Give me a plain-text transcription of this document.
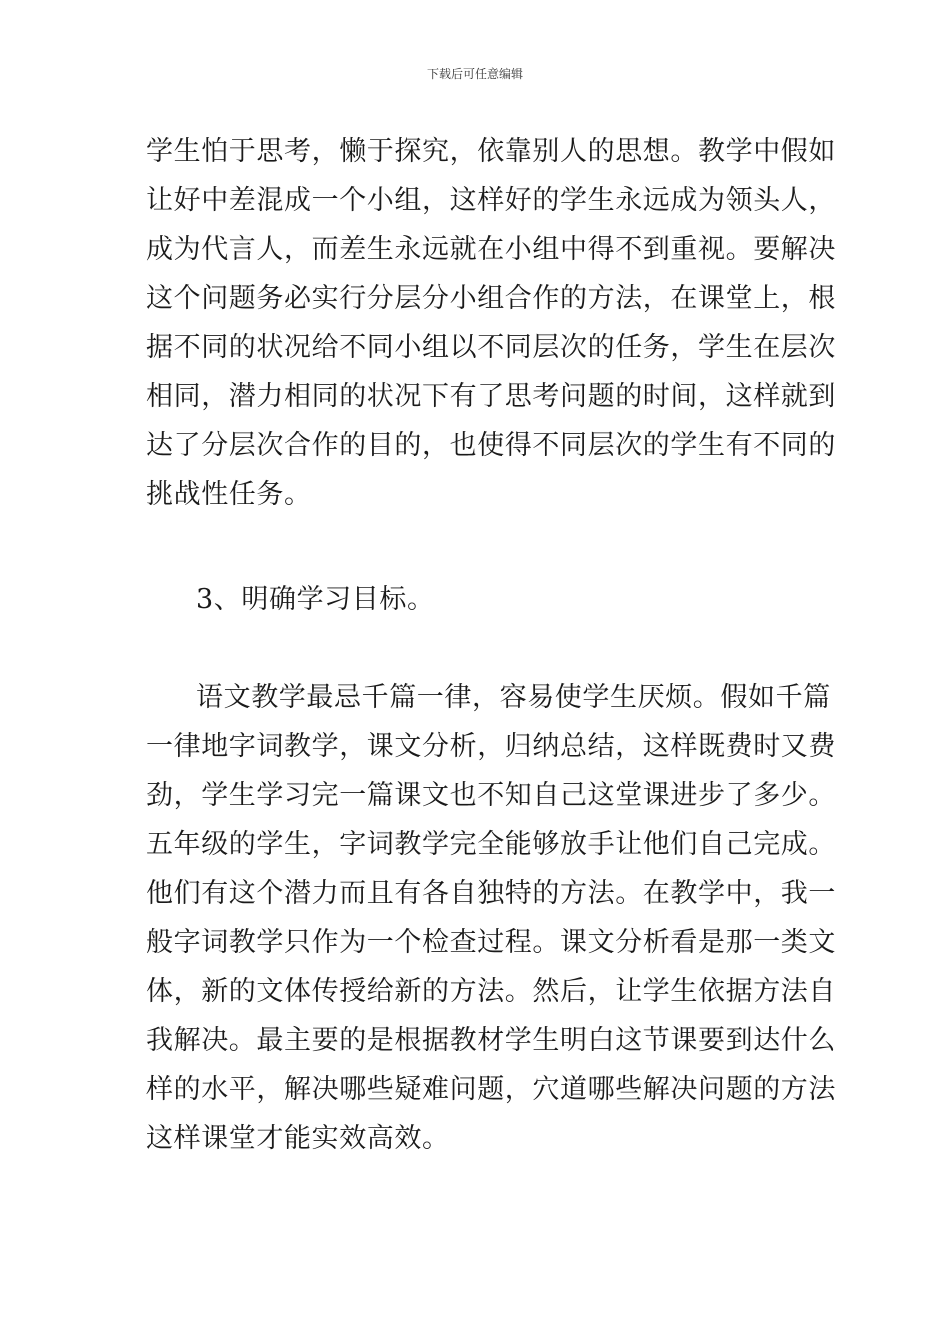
下载后可任意编辑
学生怕于思考，懒于探究，依靠别人的思想。教学中假如
让好中差混成一个小组，这样好的学生永远成为领头人，
成为代言人，而差生永远就在小组中得不到重视。要解决
这个问题务必实行分层分小组合作的方法，在课堂上，根
据不同的状况给不同小组以不同层次的任务，学生在层次
相同，潜力相同的状况下有了思考问题的时间，这样就到
达了分层次合作的目的，也使得不同层次的学生有不同的
挑战性任务。
3、明确学习目标。
语文教学最忌千篇一律，容易使学生厌烦。假如千篇
一律地字词教学，课文分析，归纳总结，这样既费时又费
劲，学生学习完一篇课文也不知自己这堂课进步了多少。
五年级的学生，字词教学完全能够放手让他们自己完成。
他们有这个潜力而且有各自独特的方法。在教学中，我一
般字词教学只作为一个检查过程。课文分析看是那一类文
体，新的文体传授给新的方法。然后，让学生依据方法自
我解决。最主要的是根据教材学生明白这节课要到达什么
样的水平，解决哪些疑难问题，穴道哪些解决问题的方法
这样课堂才能实效高效。
